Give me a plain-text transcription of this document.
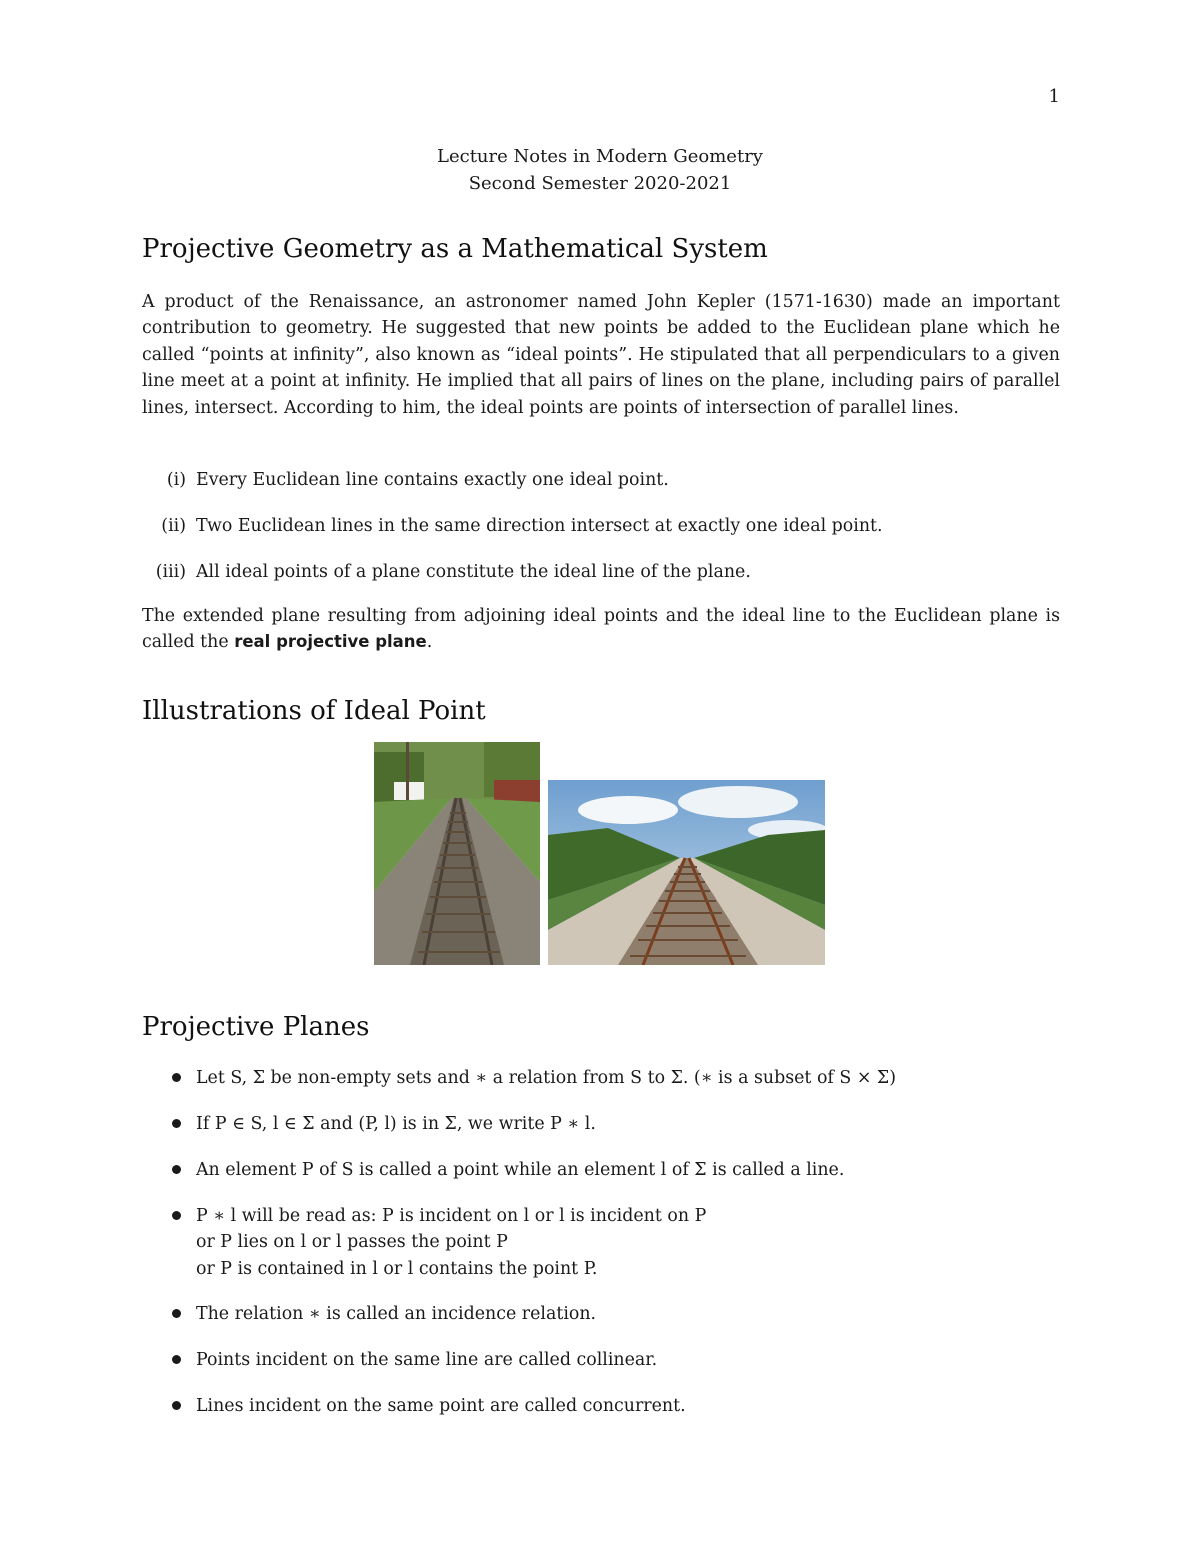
1
Lecture Notes in Modern Geometry
Second Semester 2020-2021
Projective Geometry as a Mathematical System

A product of the Renaissance, an astronomer named John Kepler (1571-1630) made an important contribution to geometry. He suggested that new points be added to the Euclidean plane which he called “points at infinity”, also known as “ideal points”. He stipulated that all perpendiculars to a given line meet at a point at infinity. He implied that all pairs of lines on the plane, including pairs of parallel lines, intersect. According to him, the ideal points are points of intersection of parallel lines.

(i) Every Euclidean line contains exactly one ideal point.
(ii) Two Euclidean lines in the same direction intersect at exactly one ideal point.
(iii) All ideal points of a plane constitute the ideal line of the plane.

The extended plane resulting from adjoining ideal points and the ideal line to the Euclidean plane is called the real projective plane.

Illustrations of Ideal Point
Projective Planes
Let S, Σ be non-empty sets and ∗ a relation from S to Σ. (∗ is a subset of S × Σ)
If P ∈ S, l ∈ Σ and (P, l) is in Σ, we write P ∗ l.
An element P of S is called a point while an element l of Σ is called a line.
P ∗ l will be read as: P is incident on l or l is incident on P
or P lies on l or l passes the point P
or P is contained in l or l contains the point P.
The relation ∗ is called an incidence relation.
Points incident on the same line are called collinear.
Lines incident on the same point are called concurrent.
